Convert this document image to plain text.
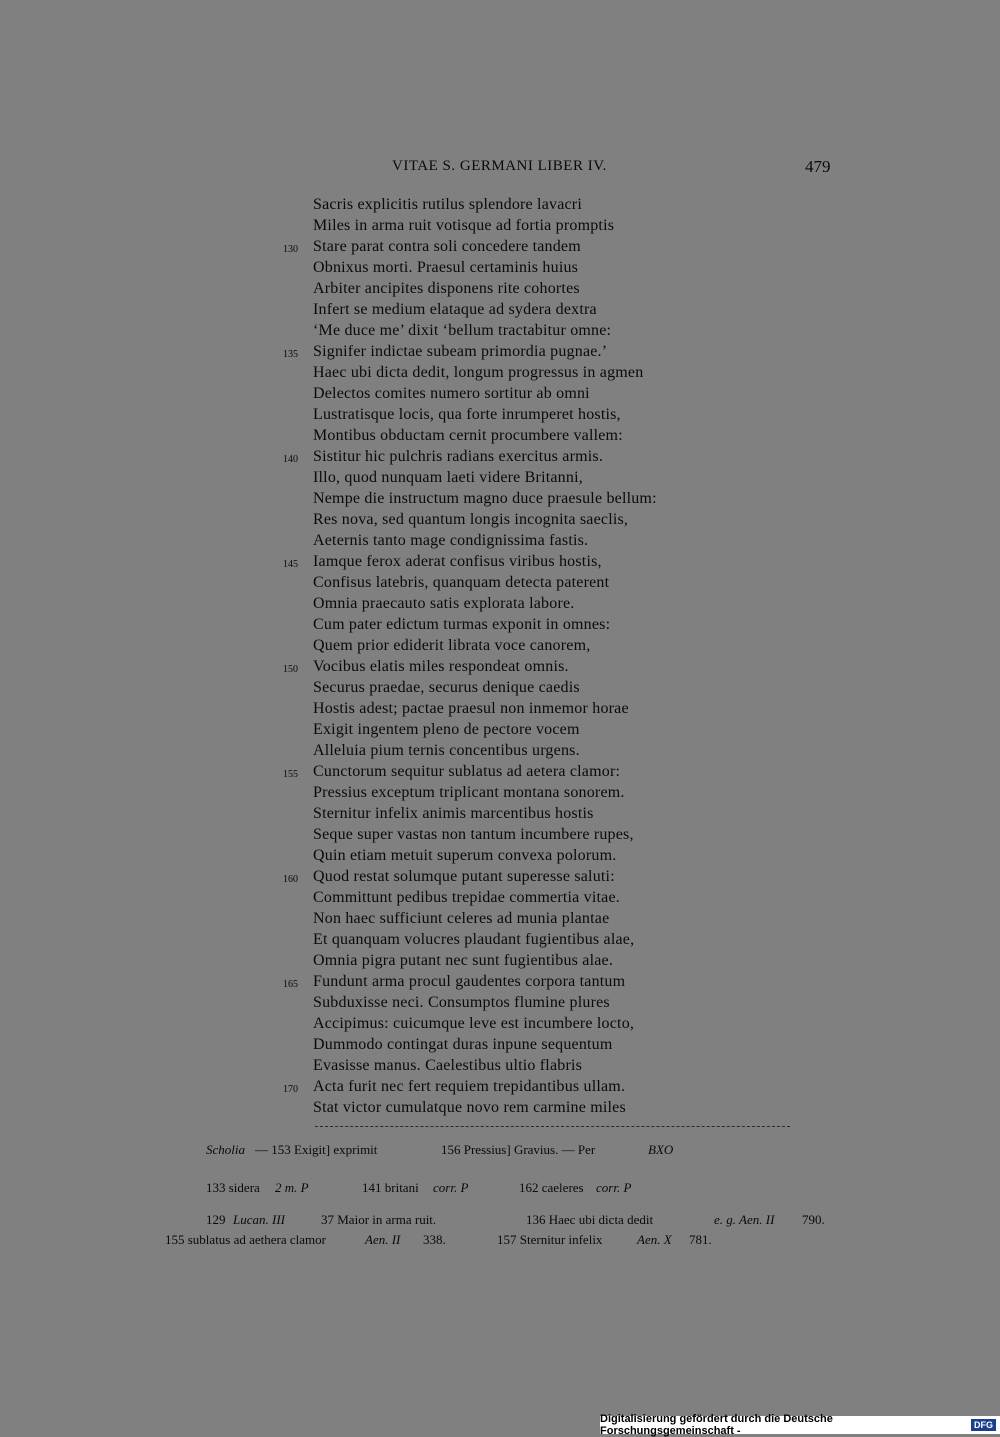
VITAE S. GERMANI LIBER IV.	479
Sacris explicitis rutilus splendore lavacri
Miles in arma ruit votisque ad fortia promptis
130 Stare parat contra soli concedere tandem
Obnixus morti. Praesul certaminis huius
Arbiter ancipites disponens rite cohortes
Infert se medium elataque ad sydera dextra
‘Me duce me’ dixit ‘bellum tractabitur omne:
135 Signifer indictae subeam primordia pugnae.’
Haec ubi dicta dedit, longum progressus in agmen
Delectos comites numero sortitur ab omni
Lustratisque locis, qua forte inrumperet hostis,
Montibus obductam cernit procumbere vallem:
140 Sistitur hic pulchris radians exercitus armis.
Illo, quod nunquam laeti videre Britanni,
Nempe die instructum magno duce praesule bellum:
Res nova, sed quantum longis incognita saeclis,
Aeternis tanto mage condignissima fastis.
145 Iamque ferox aderat confisus viribus hostis,
Confisus latebris, quanquam detecta paterent
Omnia praecauto satis explorata labore.
Cum pater edictum turmas exponit in omnes:
Quem prior ediderit librata voce canorem,
150 Vocibus elatis miles respondeat omnis.
Securus praedae, securus denique caedis
Hostis adest; pactae praesul non inmemor horae
Exigit ingentem pleno de pectore vocem
Alleluia pium ternis concentibus urgens.
155 Cunctorum sequitur sublatus ad aetera clamor:
Pressius exceptum triplicant montana sonorem.
Sternitur infelix animis marcentibus hostis
Seque super vastas non tantum incumbere rupes,
Quin etiam metuit superum convexa polorum.
160 Quod restat solumque putant superesse saluti:
Committunt pedibus trepidae commertia vitae.
Non haec sufficiunt celeres ad munia plantae
Et quanquam volucres plaudant fugientibus alae,
Omnia pigra putant nec sunt fugientibus alae.
165 Fundunt arma procul gaudentes corpora tantum
Subduxisse neci. Consumptos flumine plures
Accipimus: cuicumque leve est incumbere locto,
Dummodo contingat duras inpune sequentum
Evasisse manus. Caelestibus ultio flabris
170 Acta furit nec fert requiem trepidantibus ullam.
Stat victor cumulatque novo rem carmine miles
Scholia — 153 Exigit] exprimit	156 Pressius] Gravius. — Per	BXO
133 sidera 2 m. P	141 britani corr. P	162 caeleres corr. P
129 Lucan. III	37 Maior in arma ruit.	136 Haec ubi dicta dedit	e. g. Aen. II 790.
155 sublatus ad aethera clamor	Aen. II 338.	157 Sternitur infelix	Aen. X 781.
Digitalisierung gefördert durch die Deutsche Forschungsgemeinschaft -	DFG
